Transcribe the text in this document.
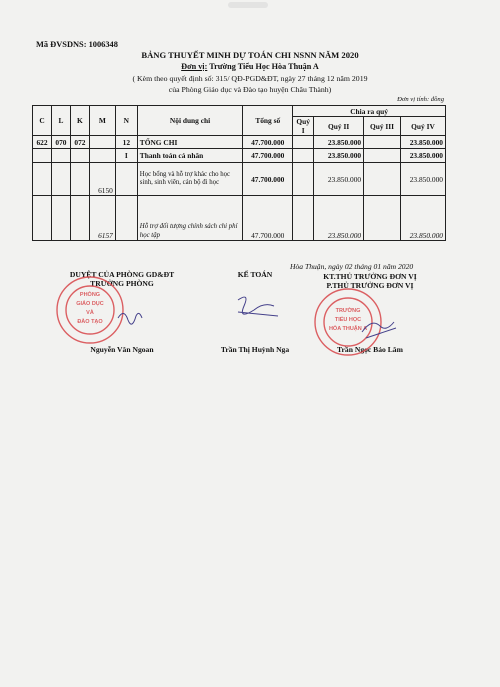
Mã ĐVSDNS: 1006348
BẢNG THUYẾT MINH DỰ TOÁN CHI NSNN NĂM 2020
Đơn vị: Trường Tiểu Học Hòa Thuận A
( Kèm theo quyết định số: 315/ QĐ-PGD&ĐT, ngày 27 tháng 12 năm 2019
của Phòng Giáo dục và Đào tạo huyện Châu Thành)
Đơn vị tính: đồng
C	L	K	M	N	Nội dung chi	Tổng số	Chia ra quý			
							Quý I	Quý II	Quý III	Quý IV
622	070	072		12	TỔNG CHI	47.700.000		23.850.000		23.850.000
				I	Thanh toán cá nhân	47.700.000		23.850.000		23.850.000
			6150		Học bổng và hỗ trợ khác cho học sinh, sinh viên, cán bộ đi học	47.700.000		23.850.000		23.850.000
			6157		Hỗ trợ đối tượng chính sách chi phí học tập	47.700.000		23.850.000		23.850.000
Hòa Thuận, ngày 02 tháng 01 năm 2020
DUYỆT CỦA PHÒNG GD&ĐT
TRƯỞNG PHÒNG
Nguyễn Văn Ngoan
KẾ TOÁN
Trần Thị Huỳnh Nga
KT.THỦ TRƯỞNG ĐƠN VỊ
P.THỦ TRƯỞNG ĐƠN VỊ
Trần Ngọc Bảo Lâm
PHÒNG
GIÁO DỤC
VÀ
ĐÀO TẠO
TRƯỜNG
TIỂU HỌC
HÒA THUẬN A
